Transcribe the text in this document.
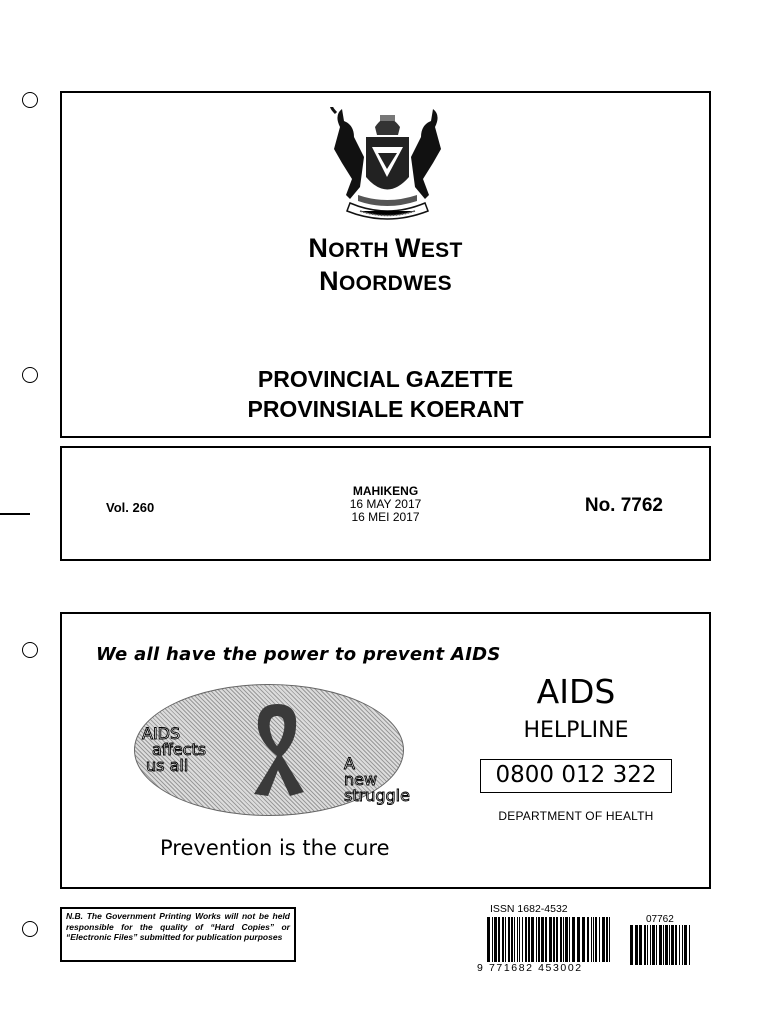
NORTH WEST
NOORDWES
PROVINCIAL GAZETTE
PROVINSIALE KOERANT
Vol. 260
MAHIKENG
16 MAY 2017
16 MEI 2017
No. 7762
We all have the power to prevent AIDS
AIDS
affects
us all	A
new
struggle
Prevention is the cure
AIDS
HELPLINE
0800 012 322
DEPARTMENT OF HEALTH
N.B. The Government Printing Works will not be held responsible for the quality of “Hard Copies” or “Electronic Files” submitted for publication purposes
ISSN 1682-4532
9 771682 453002
07762
